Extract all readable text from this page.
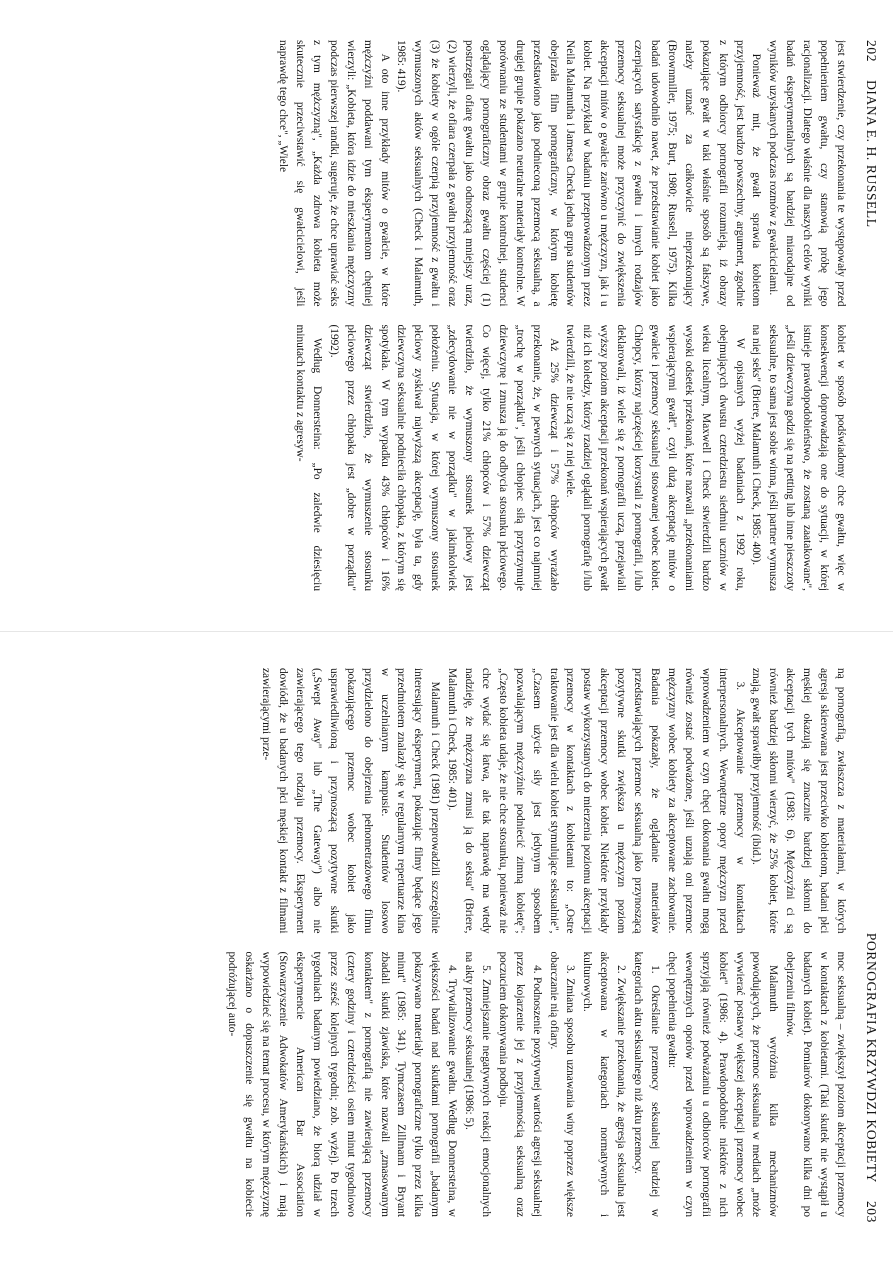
202DIANA E. H. RUSSELL

jest stwierdzenie, czy przekonania te występowały przed popełnieniem gwałtu, czy stanowią próbę jego racjonalizacji. Dlatego właśnie dla naszych celów wyniki badań eksperymentalnych są bardziej miarodajne od wyników uzyskanych podczas rozmów z gwałcicielami.

Ponieważ mit, że gwałt sprawia kobietom przyjemność, jest bardzo powszechny, argument, zgodnie z którym odbiorcy pornografii rozumieją, iż obrazy pokazujące gwałt w taki właśnie sposób są fałszywe, należy uznać za całkowicie nieprzekonujący (Brownmiller, 1975; Burt, 1980; Russell, 1975). Kilka badań udowodniło nawet, że przedstawianie kobiet jako czerpiących satysfakcję z gwałtu i innych rodzajów przemocy seksualnej może przyczynić do zwiększenia akceptacji mitów o gwałcie zarówno u mężczyzn, jak i u kobiet. Na przykład w badaniu przeprowadzonym przez Neila Malamutha i Jamesa Checka jedna grupa studentów obejrzała film pornograficzny, w którym kobietę przedstawiono jako podnieconą przemocą seksualną, a drugiej grupie pokazano neutralne materiały kontrolne. W porównaniu ze studentami w grupie kontrolnej, studenci oglądający pornograficzny obraz gwałtu częściej (1) postrzegali ofiarę gwałtu jako odnoszącą mniejszy uraz, (2) wierzyli, że ofiara czerpała z gwałtu przyjemność oraz (3) że kobiety w ogóle czerpią przyjemność z gwałtu i wymuszonych aktów seksualnych (Check i Malamuth, 1985: 419).

A oto inne przykłady mitów o gwałcie, w które mężczyźni poddawani tym eksperymentom chętniej wierzyli: „Kobieta, która idzie do mieszkania mężczyzny podczas pierwszej randki, sugeruje, że chce uprawiać seks z tym mężczyzną", „Każda zdrowa kobieta może skutecznie przeciwstawić się gwałcicielowi, jeśli naprawdę tego chce", „Wiele

kobiet w sposób podświadomy chce gwałtu, więc w konsekwencji doprowadzają one do sytuacji, w której istnieje prawdopodobieństwo, że zostaną zaatakowane", „Jeśli dziewczyna godzi się na petting lub inne pieszczoty seksualne, to sama jest sobie winna, jeśli partner wymusza na niej seks" (Briere, Malamuth i Check, 1985: 400).

W opisanych wyżej badaniach z 1992 roku, obejmujących dwustu czterdziestu siedmiu uczniów w wieku licealnym, Maxwell i Check stwierdzili bardzo wysoki odsetek przekonań, które nazwali „przekonaniami wspierającymi gwałt", czyli dużą akceptację mitów o gwałcie i przemocy seksualnej stosowanej wobec kobiet. Chłopcy, którzy najczęściej korzystali z pornografii, i/lub deklarowali, iż wiele się z pornografii uczą, przejawiali wyższy poziom akceptacji przekonań wspierających gwałt niż ich koledzy, którzy rzadziej oglądali pornografię i/lub twierdzili, że nie uczą się z niej wiele.

Aż 25% dziewcząt i 57% chłopców wyrażało przekonanie, że, w pewnych sytuacjach, jest co najmniej „trochę w porządku", jeśli chłopiec siłą przytrzymuje dziewczynę i zmusza ją do odbycia stosunku płciowego. Co więcej, tylko 21% chłopców i 57% dziewcząt twierdziło, że wymuszony stosunek płciowy jest „zdecydowanie nie w porządku" w jakimkolwiek położeniu. Sytuacja, w której wymuszony stosunek płciowy zyskiwał najwyższą akceptację, była ta, gdy dziewczyna seksualnie podnieciła chłopaka, z którym się spotykała. W tym wypadku 43% chłopców i 16% dziewcząt stwierdziło, że wymuszenie stosunku płciowego przez chłopaka jest „dobre w porządku" (1992).

Według Donnersteina: „Po zaledwie dziesięciu minutach kontaktu z agresyw-

PORNOGRAFIA KRZYWDZI KOBIETY203

ną pornografią, zwłaszcza z materiałami, w których agresja skierowana jest przeciwko kobietom, badani płci męskiej okazują się znacznie bardziej skłonni do akceptacji tych mitów" (1983: 6). Mężczyźni ci są również bardziej skłonni wierzyć, że 25% kobiet, które znają, gwałt sprawiłby przyjemność (ibid.).

3. Akceptowanie przemocy w kontaktach interpersonalnych. Wewnętrzne opory mężczyzn przed wprowadzeniem w czyn chęci dokonania gwałtu mogą również zostać podważone, jeśli uznają oni przemoc mężczyzny wobec kobiety za akceptowane zachowanie. Badania pokazały, że oglądanie materiałów przedstawiających przemoc seksualną jako przynoszącą pozytywne skutki zwiększa u mężczyzn poziom akceptacji przemocy wobec kobiet. Niektóre przykłady postaw wykorzystanych do mierzenia poziomu akceptacji przemocy w kontaktach z kobietami to: „Ostre traktowanie jest dla wielu kobiet stymulujące seksualnie", „Czasem użycie siły jest jedynym sposobem pozwalającym mężczyźnie podniecić zimną kobietę"; „Często kobieta udaje, że nie chce stosunku, ponieważ nie chce wydać się łatwa, ale tak naprawdę ma wtedy nadzieję, że mężczyzna zmusi ją do seksu" (Briere, Malamuth i Check, 1985: 401).

Malamuth i Check (1981) przeprowadzili szczególnie interesujący eksperyment, pokazując filmy będące jego przedmiotem znalazły się w regularnym repertuarze kina w uczelnianym kampusie. Studentów losowo przydzielono do obejrzenia pełnometrażowego filmu pokazującego przemoc wobec kobiet jako usprawiedliwioną i przynoszącą pozytywne skutki („Swept Away" lub „The Gateway") albo nie zawierającego tego rodzaju przemocy. Eksperyment dowiódł, że u badanych płci męskiej kontakt z filmami zawierającymi prze-

moc seksualną – zwiększył poziom akceptacji przemocy w kontaktach z kobietami. (Taki skutek nie wystąpił u badanych kobiet). Pomiarów dokonywano kilka dni po obejrzeniu filmów.

Malamuth wyróżnia kilka mechanizmów powodujących, że przemoc seksualna w mediach „może wywierać postawy większej akceptacji przemocy wobec kobiet" (1986: 4). Prawdopodobnie niektóre z nich sprzyjają również podważaniu u odbiorców pornografii wewnętrznych oporów przed wprowadzeniem w czyn chęci popełnienia gwałtu:

1. Określanie przemocy seksualnej bardziej w kategoriach aktu seksualnego niż aktu przemocy.

2. Zwiększanie przekonania, że agresja seksualna jest akceptowana w kategoriach normatywnych i kulturowych.

3. Zmiana sposobu uznawania winy poprzez większe obarczanie nią ofiary.

4. Podnoszenie pozytywnej wartości agresji seksualnej przez kojarzenie jej z przyjemnością seksualną oraz poczuciem dokonywania podboju.

5. Zmniejszanie negatywnych reakcji emocjonalnych na akty przemocy seksualnej (1986: 5).

4. Trywializowanie gwałtu. Według Donnersteina, w większości badań nad skutkami pornografii „badanym pokazywano materiały pornograficzne tylko przez kilka minut" (1985: 341). Tymczasem Zillmann i Bryant zbadali skutki zjawiska, które nazwali „zmasowanym kontaktem" z pornografią nie zawierającą przemocy (cztery godziny i czterdzieści osiem minut tygodniowo przez sześć kolejnych tygodni; zob. wyżej). Po trzech tygodniach badanym powiedziano, że biorą udział w eksperymencie American Bar Association (Stowarzyszenie Adwokatów Amerykańskich) i mają wypowiedzieć się na temat procesu, w którym mężczyznę oskarżano o dopuszczenie się gwałtu na kobiecie podróżującej auto-
